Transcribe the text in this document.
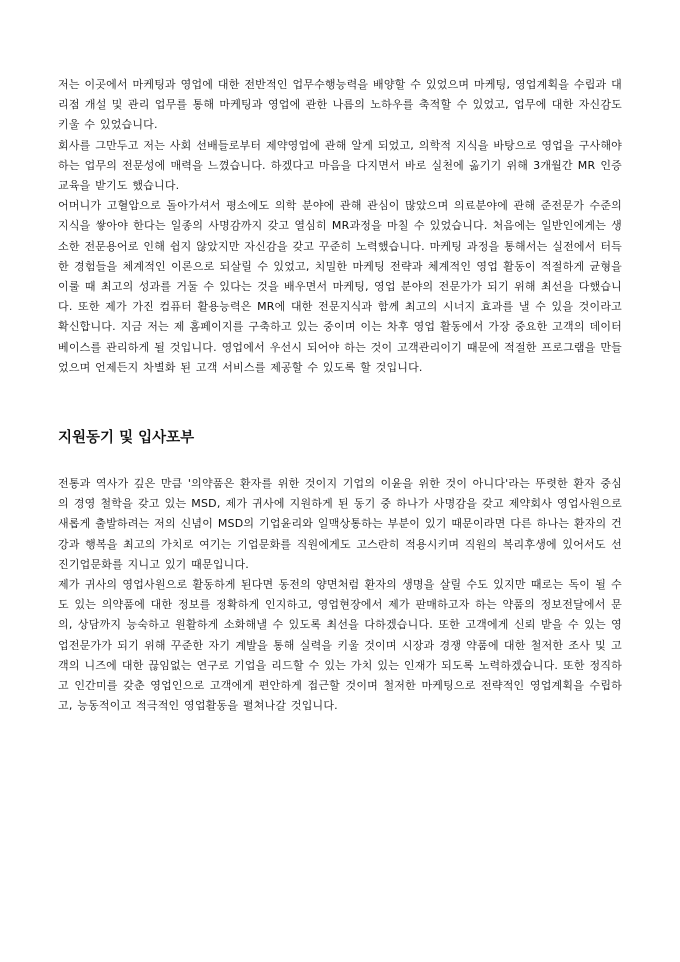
저는 이곳에서 마케팅과 영업에 대한 전반적인 업무수행능력을 배양할 수 있었으며 마케팅, 영업계획을 수립과 대리점 개설 및 관리 업무를 통해 마케팅과 영업에 관한 나름의 노하우를 축적할 수 있었고, 업무에 대한 자신감도 키울 수 있었습니다.

회사를 그만두고 저는 사회 선배들로부터 제약영업에 관해 알게 되었고, 의학적 지식을 바탕으로 영업을 구사해야 하는 업무의 전문성에 매력을 느꼈습니다. 하겠다고 마음을 다지면서 바로 실천에 옮기기 위해 3개월간 MR 인증 교육을 받기도 했습니다.

어머니가 고혈압으로 돌아가셔서 평소에도 의학 분야에 관해 관심이 많았으며 의료분야에 관해 준전문가 수준의 지식을 쌓아야 한다는 일종의 사명감까지 갖고 열심히 MR과정을 마칠 수 있었습니다. 처음에는 일반인에게는 생소한 전문용어로 인해 쉽지 않았지만 자신감을 갖고 꾸준히 노력했습니다. 마케팅 과정을 통해서는 실전에서 터득한 경험들을 체계적인 이론으로 되살릴 수 있었고, 치밀한 마케팅 전략과 체계적인 영업 활동이 적절하게 균형을 이룰 때 최고의 성과를 거둘 수 있다는 것을 배우면서 마케팅, 영업 분야의 전문가가 되기 위해 최선을 다했습니다. 또한 제가 가진 컴퓨터 활용능력은 MR에 대한 전문지식과 함께 최고의 시너지 효과를 낼 수 있을 것이라고 확신합니다. 지금 저는 제 홈페이지를 구축하고 있는 중이며 이는 차후 영업 활동에서 가장 중요한 고객의 데이터베이스를 관리하게 될 것입니다. 영업에서 우선시 되어야 하는 것이 고객관리이기 때문에 적절한 프로그램을 만들었으며 언제든지 차별화 된 고객 서비스를 제공할 수 있도록 할 것입니다.

지원동기 및 입사포부

전통과 역사가 깊은 만큼 '의약품은 환자를 위한 것이지 기업의 이윤을 위한 것이 아니다'라는 뚜렷한 환자 중심의 경영 철학을 갖고 있는 MSD, 제가 귀사에 지원하게 된 동기 중 하나가 사명감을 갖고 제약회사 영업사원으로 새롭게 출발하려는 저의 신념이 MSD의 기업윤리와 일맥상통하는 부분이 있기 때문이라면 다른 하나는 환자의 건강과 행복을 최고의 가치로 여기는 기업문화를 직원에게도 고스란히 적용시키며 직원의 복리후생에 있어서도 선진기업문화를 지니고 있기 때문입니다.

제가 귀사의 영업사원으로 활동하게 된다면 동전의 양면처럼 환자의 생명을 살릴 수도 있지만 때로는 독이 될 수도 있는 의약품에 대한 정보를 정확하게 인지하고, 영업현장에서 제가 판매하고자 하는 약품의 정보전달에서 문의, 상담까지 능숙하고 원활하게 소화해낼 수 있도록 최선을 다하겠습니다. 또한 고객에게 신뢰 받을 수 있는 영업전문가가 되기 위해 꾸준한 자기 계발을 통해 실력을 키울 것이며 시장과 경쟁 약품에 대한 철저한 조사 및 고객의 니즈에 대한 끊임없는 연구로 기업을 리드할 수 있는 가치 있는 인재가 되도록 노력하겠습니다. 또한 정직하고 인간미를 갖춘 영업인으로 고객에게 편안하게 접근할 것이며 철저한 마케팅으로 전략적인 영업계획을 수립하고, 능동적이고 적극적인 영업활동을 펼쳐나갈 것입니다.
